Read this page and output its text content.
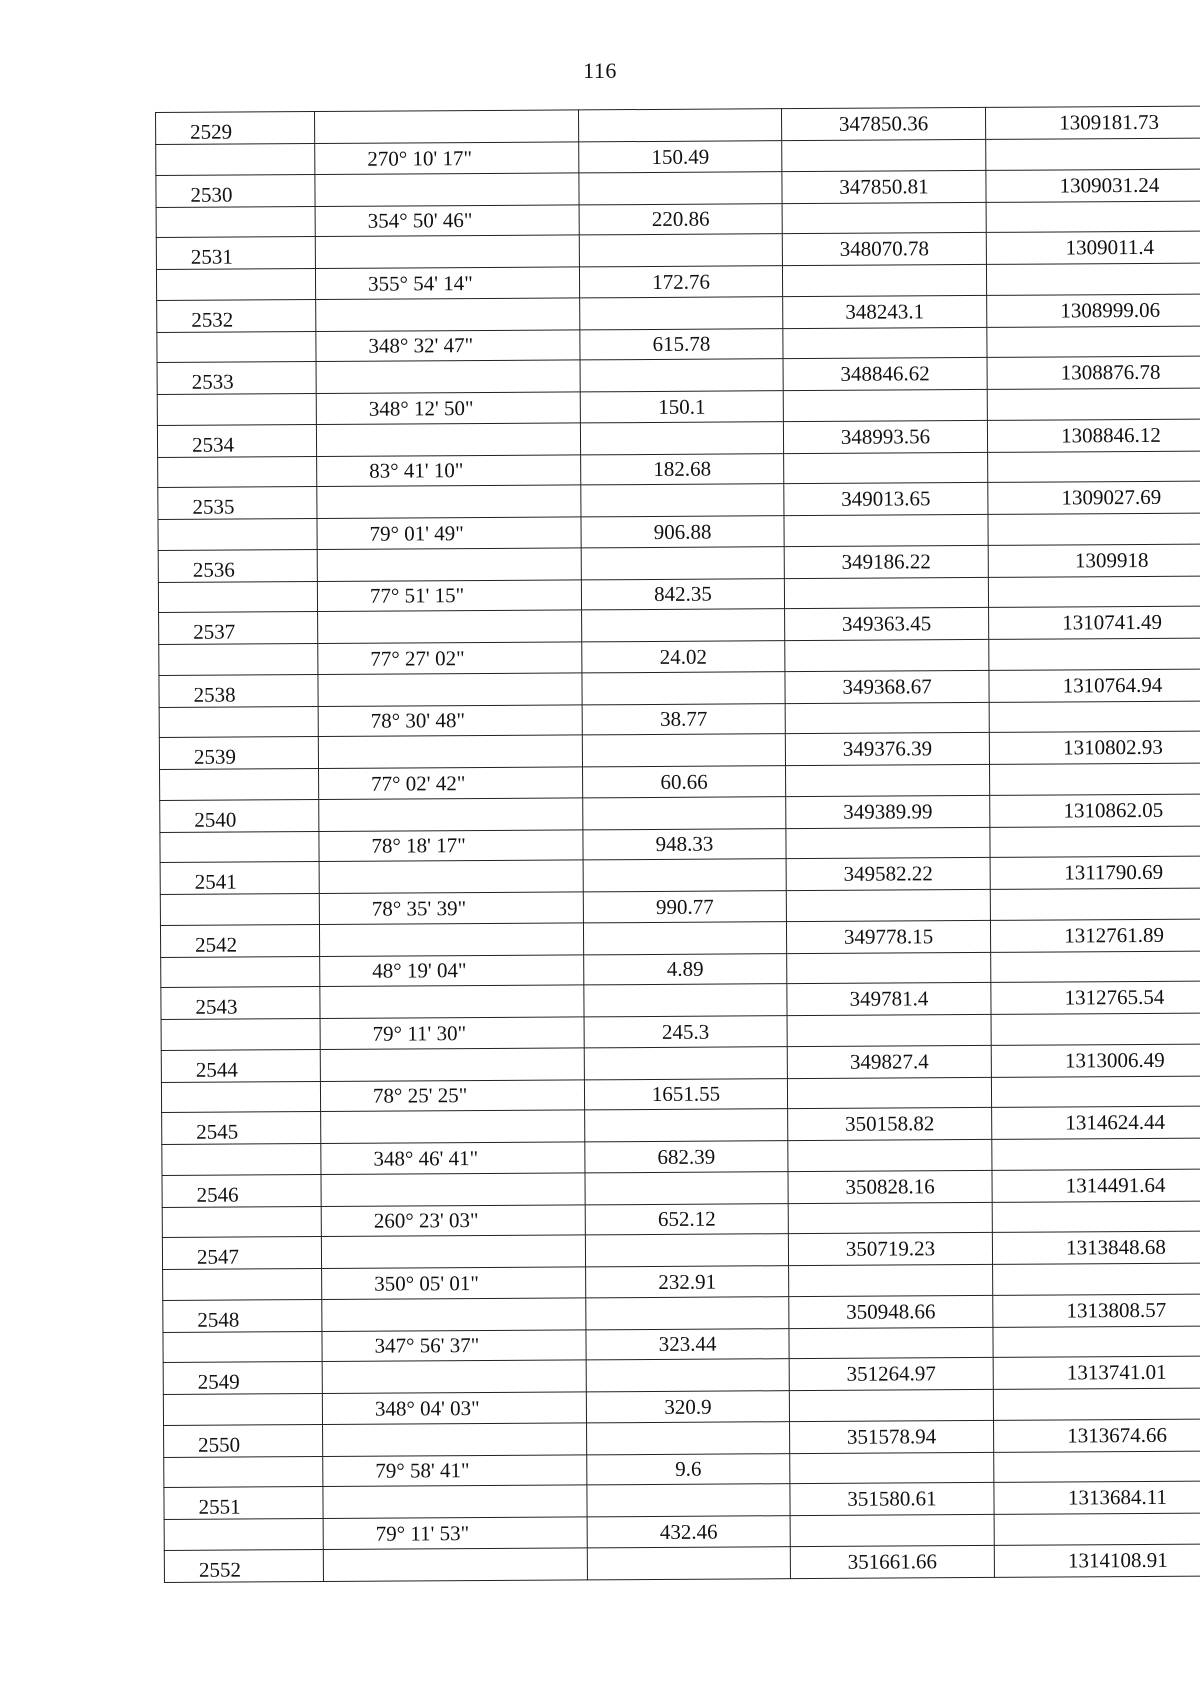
116
2529			347850.36	1309181.73
	270° 10' 17"	150.49		
2530			347850.81	1309031.24
	354° 50' 46"	220.86		
2531			348070.78	1309011.4
	355° 54' 14"	172.76		
2532			348243.1	1308999.06
	348° 32' 47"	615.78		
2533			348846.62	1308876.78
	348° 12' 50"	150.1		
2534			348993.56	1308846.12
	83° 41' 10"	182.68		
2535			349013.65	1309027.69
	79° 01' 49"	906.88		
2536			349186.22	1309918
	77° 51' 15"	842.35		
2537			349363.45	1310741.49
	77° 27' 02"	24.02		
2538			349368.67	1310764.94
	78° 30' 48"	38.77		
2539			349376.39	1310802.93
	77° 02' 42"	60.66		
2540			349389.99	1310862.05
	78° 18' 17"	948.33		
2541			349582.22	1311790.69
	78° 35' 39"	990.77		
2542			349778.15	1312761.89
	48° 19' 04"	4.89		
2543			349781.4	1312765.54
	79° 11' 30"	245.3		
2544			349827.4	1313006.49
	78° 25' 25"	1651.55		
2545			350158.82	1314624.44
	348° 46' 41"	682.39		
2546			350828.16	1314491.64
	260° 23' 03"	652.12		
2547			350719.23	1313848.68
	350° 05' 01"	232.91		
2548			350948.66	1313808.57
	347° 56' 37"	323.44		
2549			351264.97	1313741.01
	348° 04' 03"	320.9		
2550			351578.94	1313674.66
	79° 58' 41"	9.6		
2551			351580.61	1313684.11
	79° 11' 53"	432.46		
2552			351661.66	1314108.91
